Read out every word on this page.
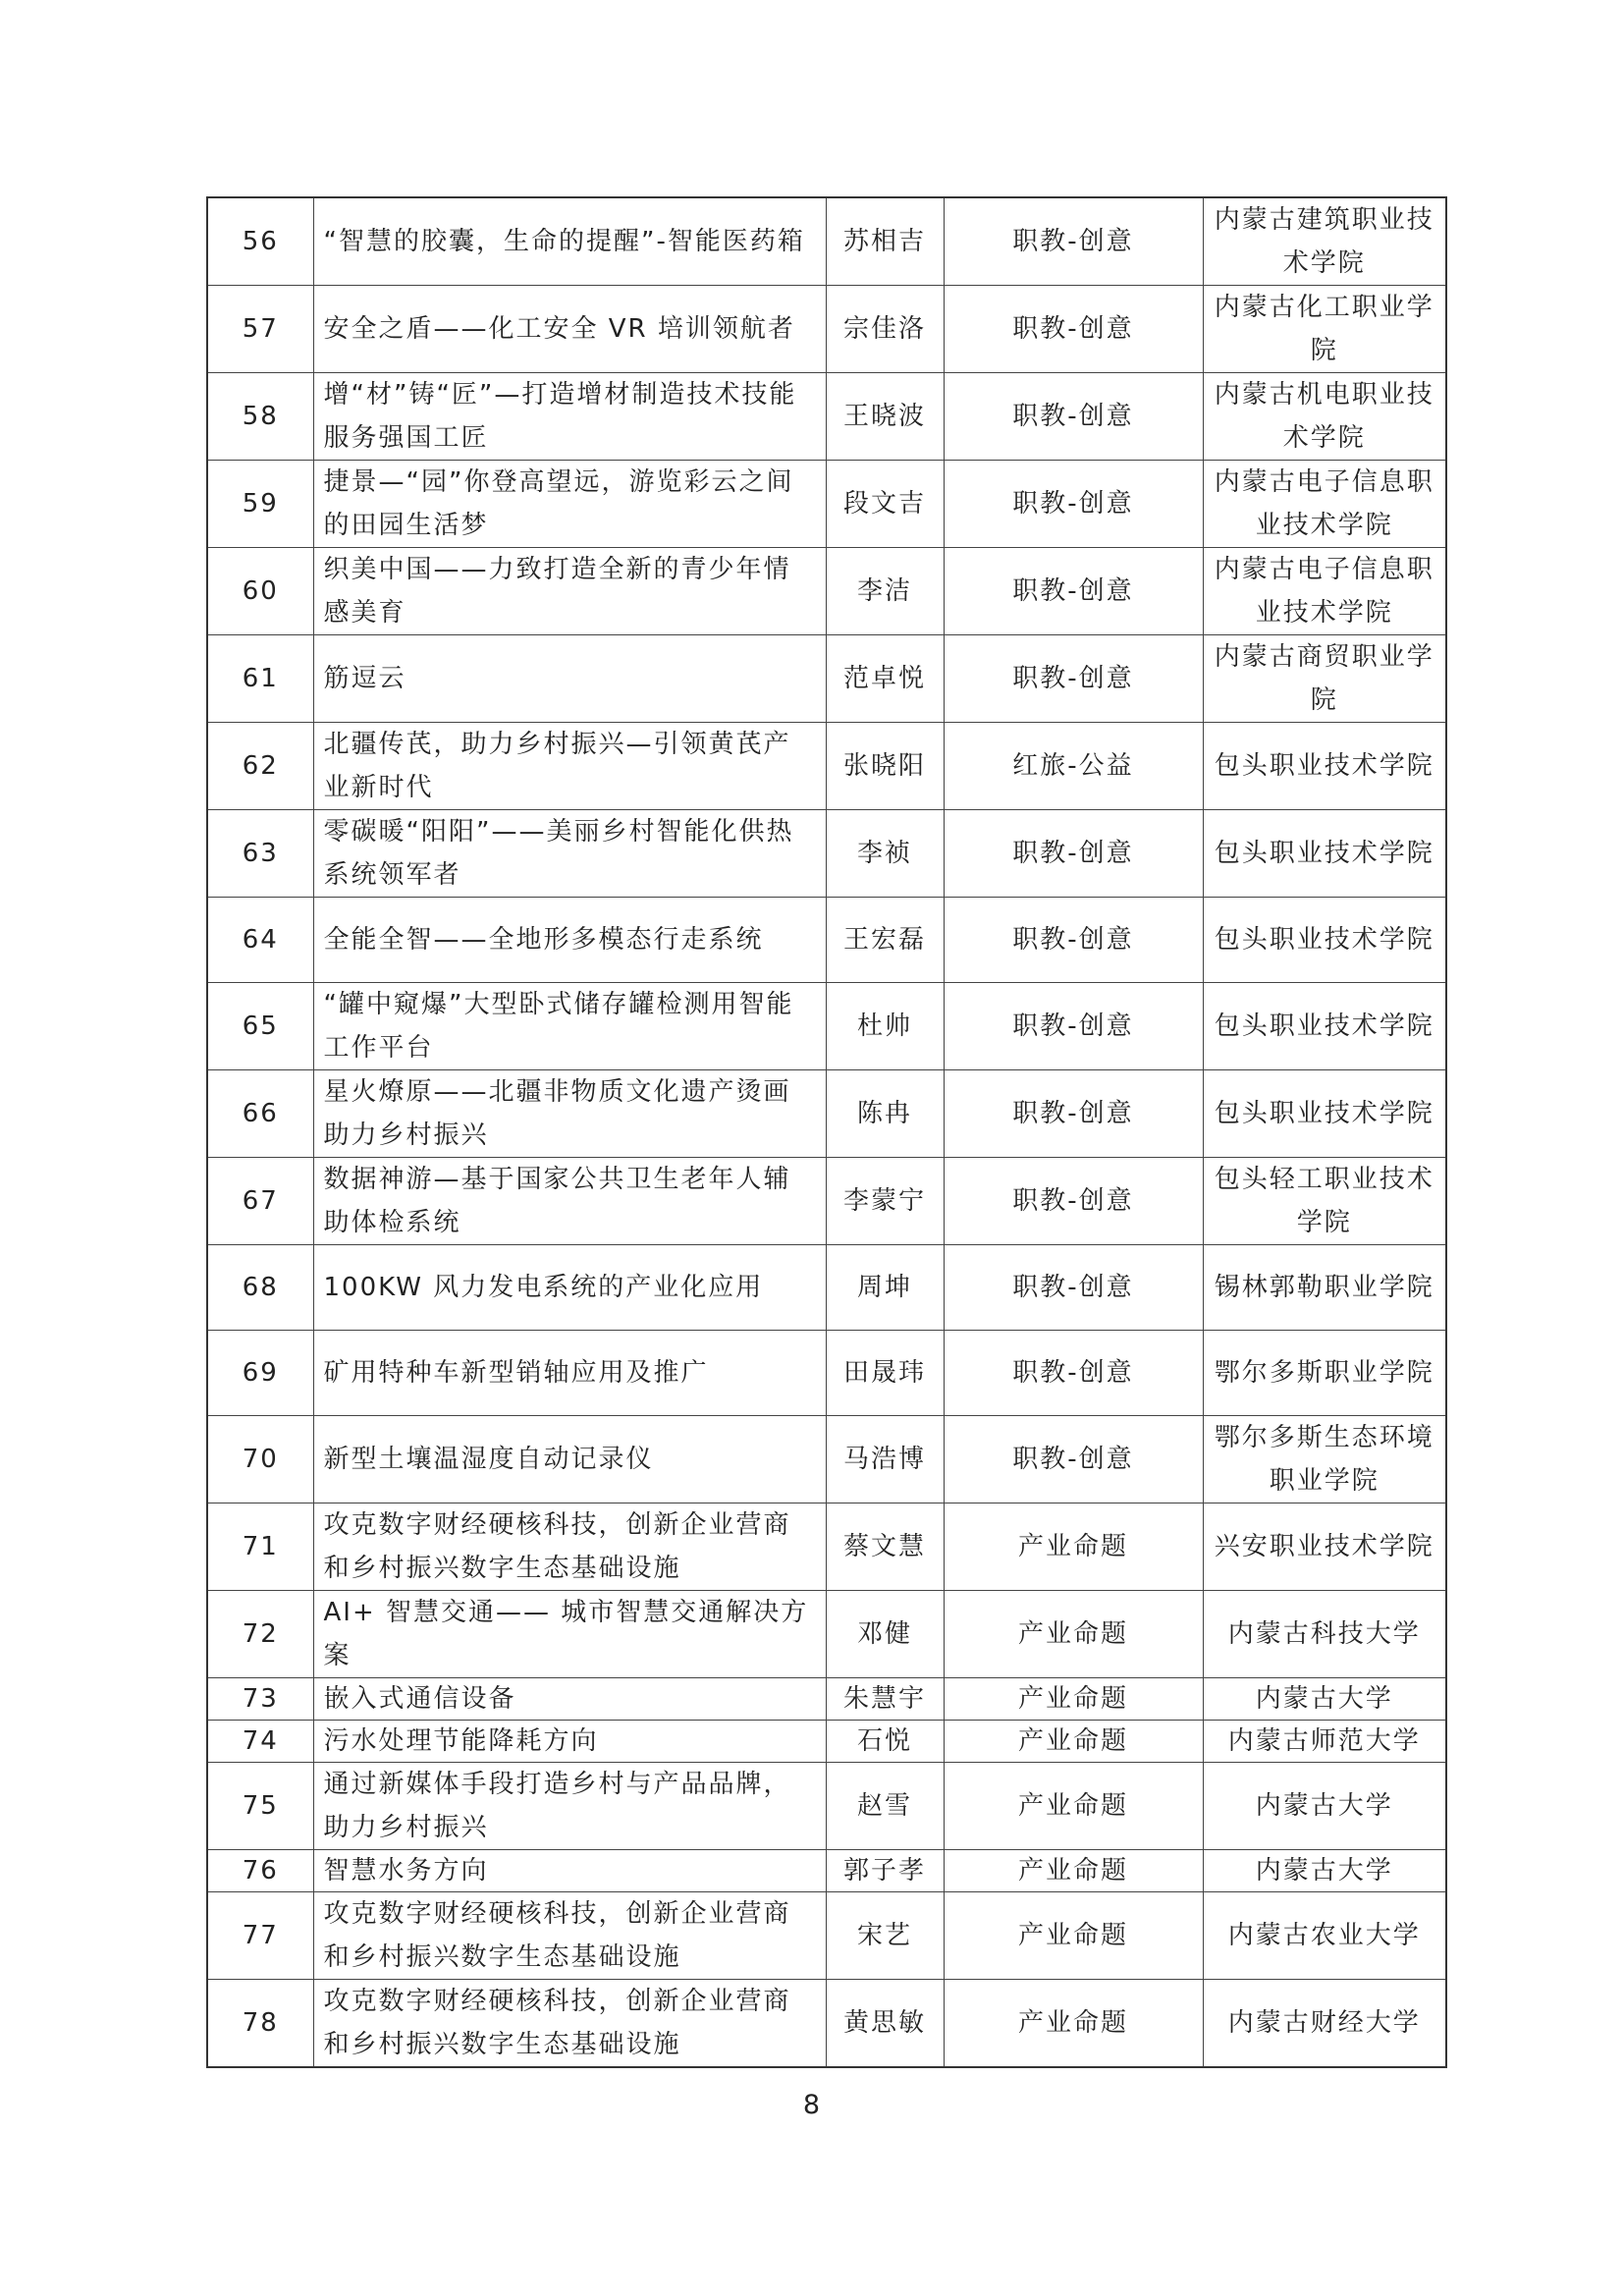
56	“智慧的胶囊，生命的提醒”-智能医药箱	苏相吉	职教-创意	内蒙古建筑职业技术学院
57	安全之盾——化工安全 VR 培训领航者	宗佳洛	职教-创意	内蒙古化工职业学院
58	增“材”铸“匠”—打造增材制造技术技能服务强国工匠	王晓波	职教-创意	内蒙古机电职业技术学院
59	捷景—“园”你登高望远，游览彩云之间的田园生活梦	段文吉	职教-创意	内蒙古电子信息职业技术学院
60	织美中国——力致打造全新的青少年情感美育	李洁	职教-创意	内蒙古电子信息职业技术学院
61	筋逗云	范卓悦	职教-创意	内蒙古商贸职业学院
62	北疆传芪，助力乡村振兴—引领黄芪产业新时代	张晓阳	红旅-公益	包头职业技术学院
63	零碳暖“阳阳”——美丽乡村智能化供热系统领军者	李祯	职教-创意	包头职业技术学院
64	全能全智——全地形多模态行走系统	王宏磊	职教-创意	包头职业技术学院
65	“罐中窥爆”大型卧式储存罐检测用智能工作平台	杜帅	职教-创意	包头职业技术学院
66	星火燎原——北疆非物质文化遗产烫画助力乡村振兴	陈冉	职教-创意	包头职业技术学院
67	数据神游—基于国家公共卫生老年人辅助体检系统	李蒙宁	职教-创意	包头轻工职业技术学院
68	100KW 风力发电系统的产业化应用	周坤	职教-创意	锡林郭勒职业学院
69	矿用特种车新型销轴应用及推广	田晟玮	职教-创意	鄂尔多斯职业学院
70	新型土壤温湿度自动记录仪	马浩博	职教-创意	鄂尔多斯生态环境职业学院
71	攻克数字财经硬核科技，创新企业营商和乡村振兴数字生态基础设施	蔡文慧	产业命题	兴安职业技术学院
72	AI+ 智慧交通—— 城市智慧交通解决方案	邓健	产业命题	内蒙古科技大学
73	嵌入式通信设备	朱慧宇	产业命题	内蒙古大学
74	污水处理节能降耗方向	石悦	产业命题	内蒙古师范大学
75	通过新媒体手段打造乡村与产品品牌，助力乡村振兴	赵雪	产业命题	内蒙古大学
76	智慧水务方向	郭子孝	产业命题	内蒙古大学
77	攻克数字财经硬核科技，创新企业营商和乡村振兴数字生态基础设施	宋艺	产业命题	内蒙古农业大学
78	攻克数字财经硬核科技，创新企业营商和乡村振兴数字生态基础设施	黄思敏	产业命题	内蒙古财经大学
8
